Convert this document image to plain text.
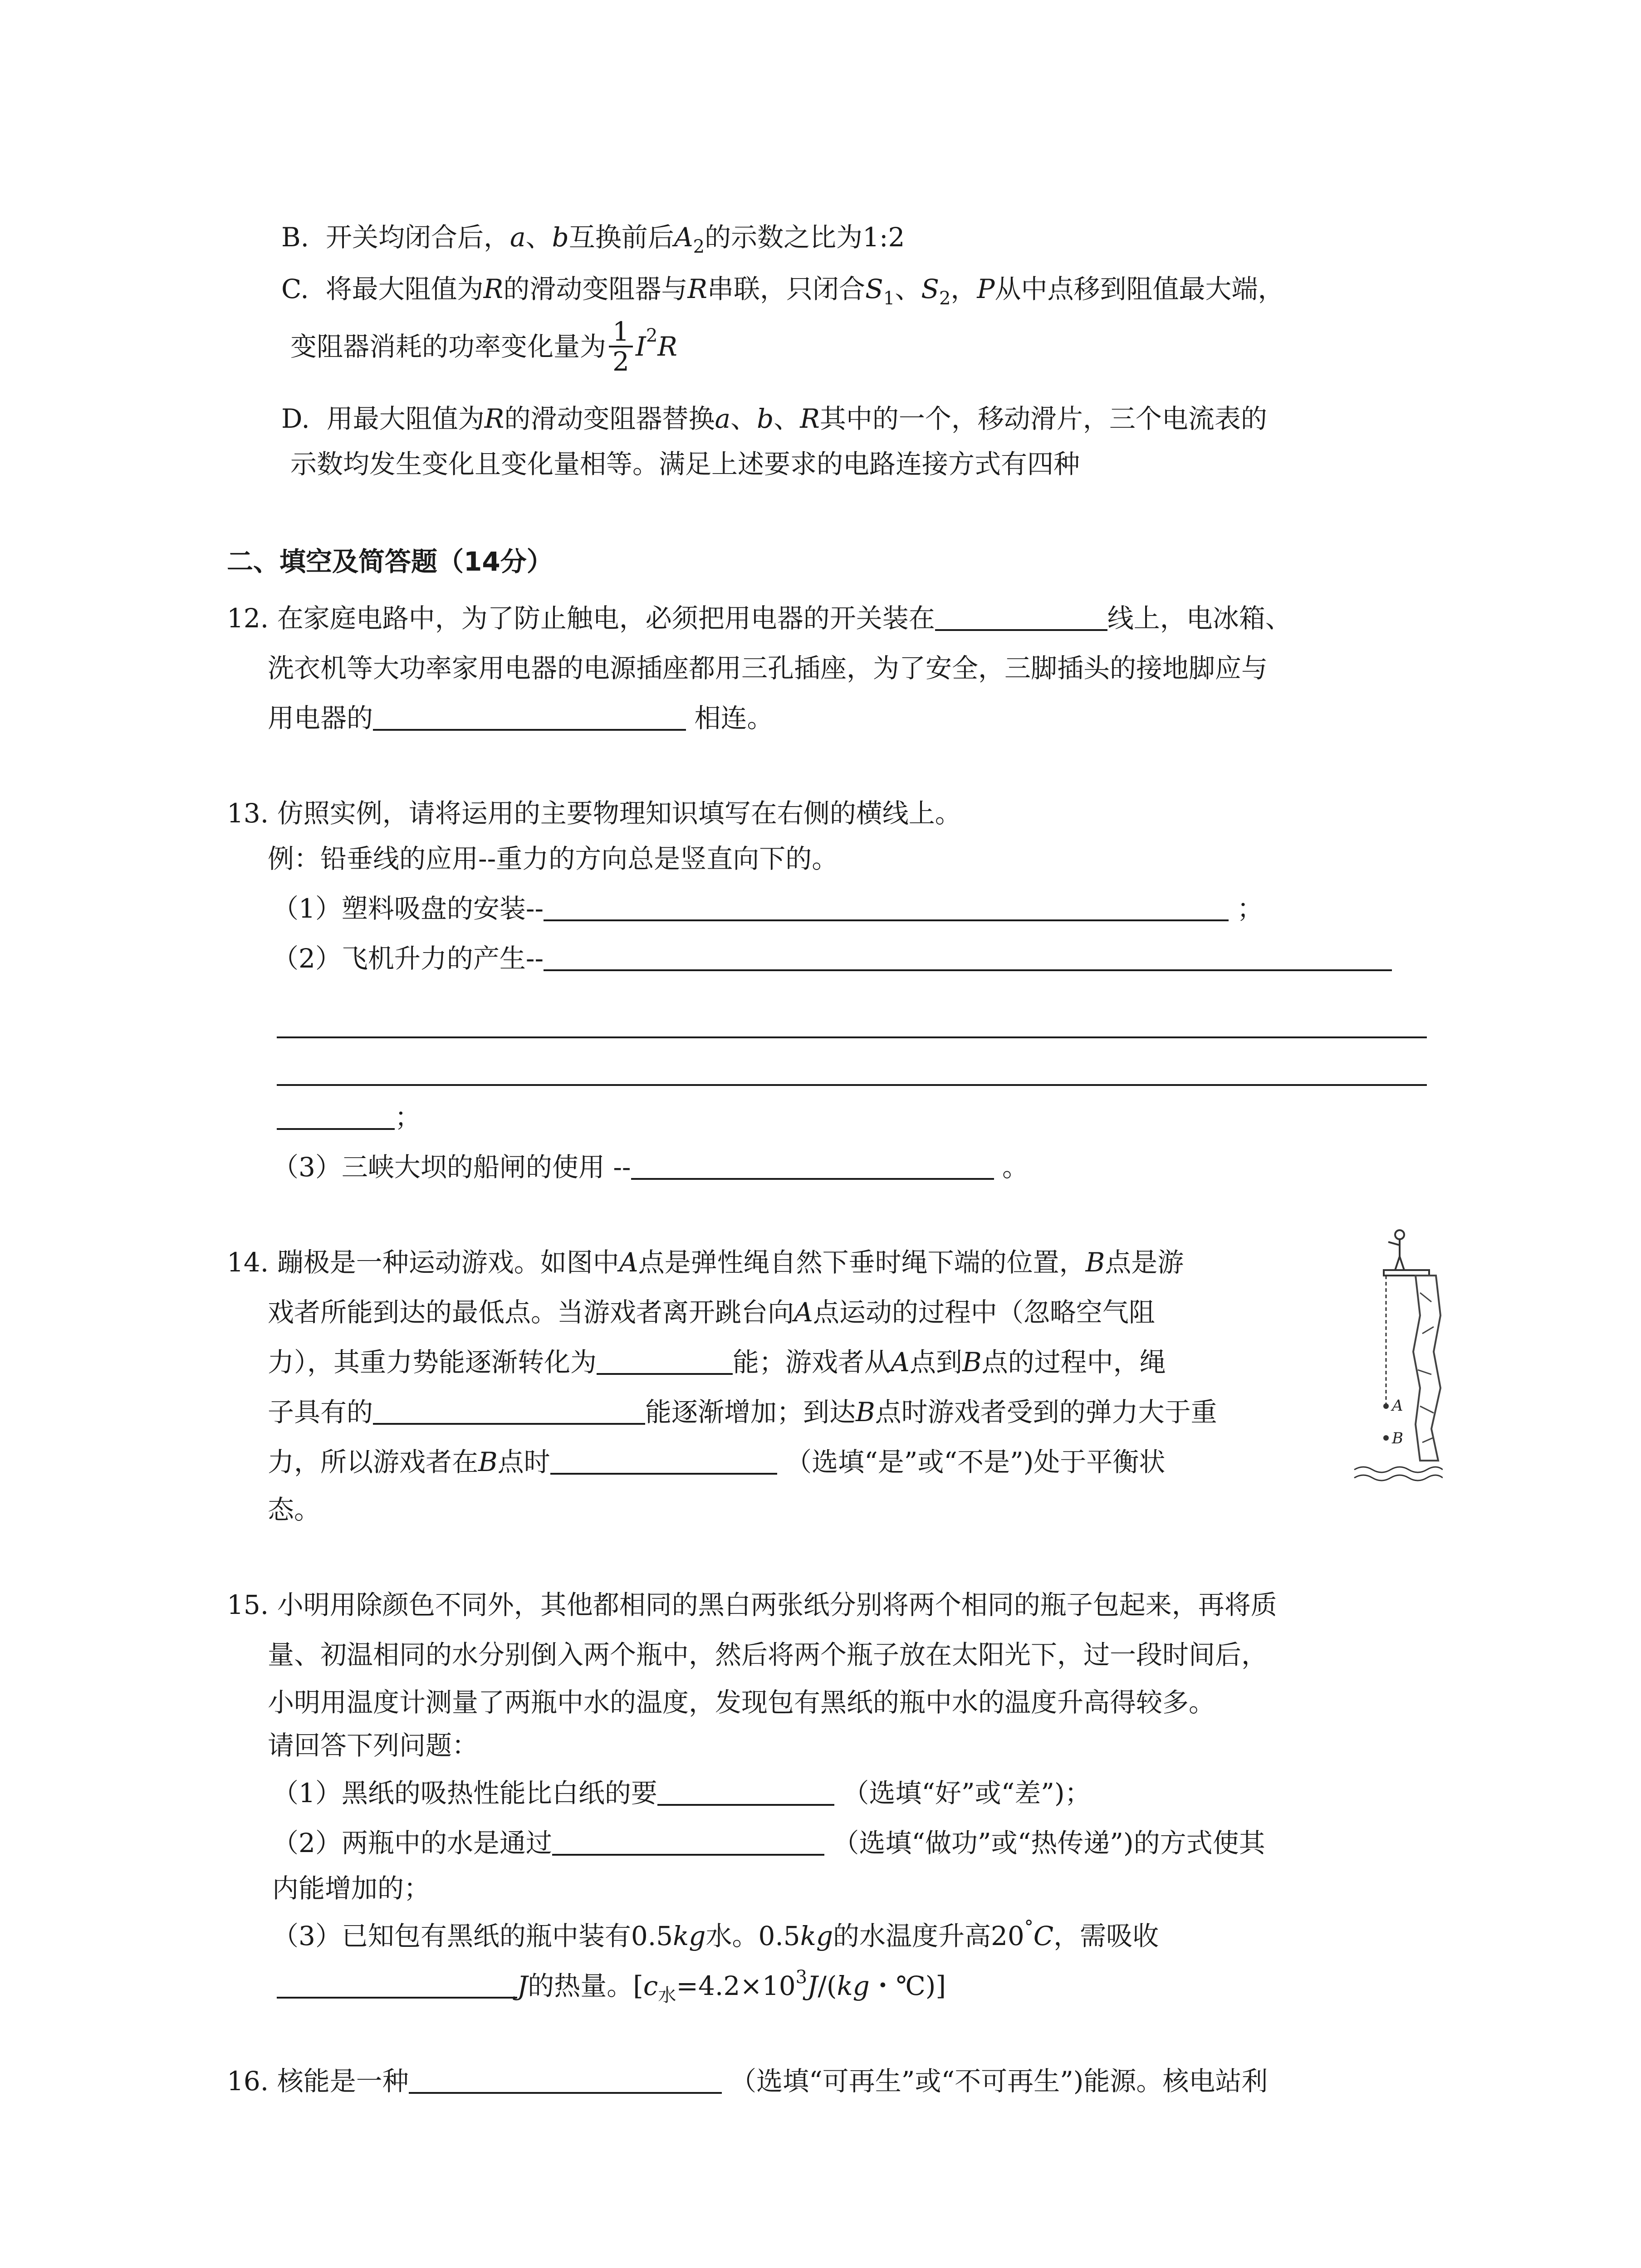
B. 开关均闭合后，a、b互换前后$A_2$的示数之比为1:2
C. 将最大阻值为R的滑动变阻器与R串联，只闭合$S_1$、$S_2$，P从中点移到阻值最大端，
变阻器消耗的功率变化量为 $\frac{1}{2} I^2R$
D. 用最大阻值为R的滑动变阻器替换a、b、R其中的一个，移动滑片，三个电流表的
示数均发生变化且变化量相等。满足上述要求的电路连接方式有四种
二、填空及简答题（14分）
12. 在家庭电路中，为了防止触电，必须把用电器的开关装在	线上，电冰箱、
洗衣机等大功率家用电器的电源插座都用三孔插座，为了安全，三脚插头的接地脚应与
用电器的	相连。
13. 仿照实例，请将运用的主要物理知识填写在右侧的横线上。
例：铅垂线的应用--重力的方向总是竖直向下的。
（1）塑料吸盘的安装--	；
（2）飞机升力的产生--
；
（3）三峡大坝的船闸的使用 --	。
14. 蹦极是一种运动游戏。如图中A点是弹性绳自然下垂时绳下端的位置，B点是游
戏者所能到达的最低点。当游戏者离开跳台向A点运动的过程中（忽略空气阻
力），其重力势能逐渐转化为	能；游戏者从A点到B点的过程中，绳
子具有的	能逐渐增加；到达B点时游戏者受到的弹力大于重
力，所以游戏者在B点时	（选填“是”或“不是”)处于平衡状
态。
A
B
15. 小明用除颜色不同外，其他都相同的黑白两张纸分别将两个相同的瓶子包起来，再将质
量、初温相同的水分别倒入两个瓶中，然后将两个瓶子放在太阳光下，过一段时间后，
小明用温度计测量了两瓶中水的温度，发现包有黑纸的瓶中水的温度升高得较多。
请回答下列问题：
（1）黑纸的吸热性能比白纸的要	（选填“好”或“差”)；
（2）两瓶中的水是通过	（选填“做功”或“热传递”)的方式使其
内能增加的；
（3）已知包有黑纸的瓶中装有0.5kg水。0.5kg的水温度升高20°C，需吸收
J的热量。[$c_水=4.2\times 10^3J/(kg$・℃)]
16. 核能是一种	（选填“可再生”或“不可再生”)能源。核电站利
